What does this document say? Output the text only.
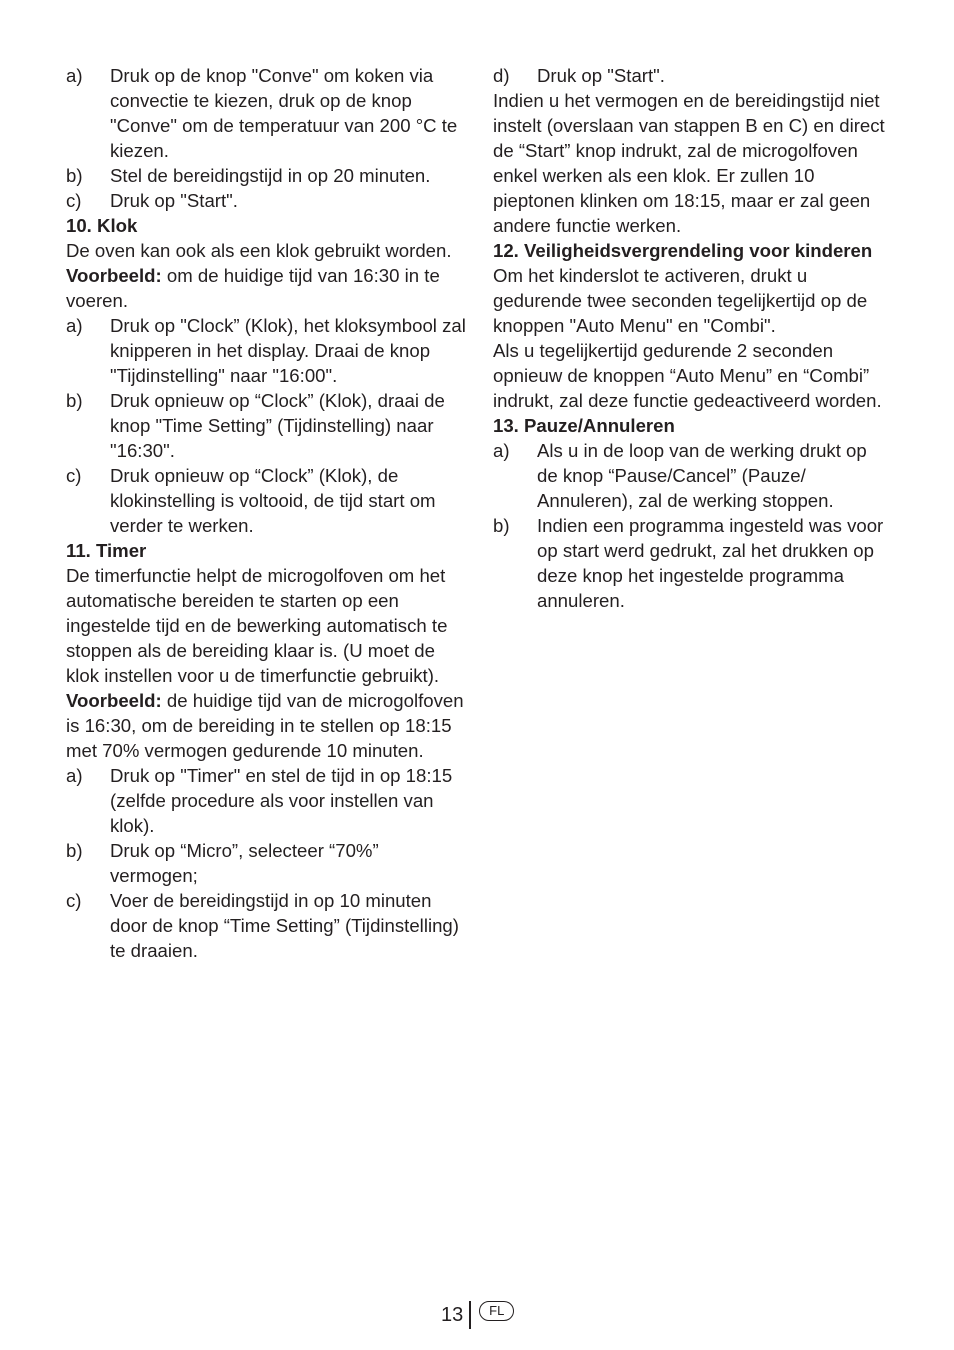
a)	Druk op de knop "Conve" om koken via convectie te kiezen, druk op de knop "Conve" om de temperatuur van 200 °C te kiezen.
b)	Stel de bereidingstijd in op 20 minuten.
c)	Druk op "Start".

10. Klok

De oven kan ook als een klok gebruikt worden.

Voorbeeld: om de huidige tijd van 16:30 in te voeren.

a)	Druk op "Clock” (Klok), het kloksymbool zal knipperen in het display. Draai de knop "Tijdinstelling" naar "16:00".
b)	Druk opnieuw op “Clock” (Klok), draai de knop "Time Setting” (Tijdinstelling) naar "16:30".
c)	Druk opnieuw op “Clock” (Klok), de klokinstelling is voltooid, de tijd start om verder te werken.

11. Timer

De timerfunctie helpt de microgolfoven om het automatische bereiden te starten op een ingestelde tijd en de bewerking automatisch te stoppen als de bereiding klaar is. (U moet de klok instellen voor u de timerfunctie gebruikt).

Voorbeeld: de huidige tijd van de microgolfoven is 16:30, om de bereiding in te stellen op 18:15 met 70% vermogen gedurende 10 minuten.

a)	Druk op "Timer" en stel de tijd in op 18:15 (zelfde procedure als voor instellen van klok).
b)	Druk op “Micro”, selecteer “70%” vermogen;
c)	Voer de bereidingstijd in op 10 minuten door de knop “Time Setting” (Tijdinstelling) te draaien.
d)	Druk op "Start".

Indien u het vermogen en de bereidingstijd niet instelt (overslaan van stappen B en C) en direct de “Start” knop indrukt, zal de microgolfoven enkel werken als een klok. Er zullen 10 pieptonen klinken om 18:15, maar er zal geen andere functie werken.

12. Veiligheidsvergrendeling voor kinderen

Om het kinderslot te activeren, drukt u gedurende twee seconden tegelijkertijd op de knoppen "Auto Menu" en "Combi".

Als u tegelijkertijd gedurende 2 seconden opnieuw de knoppen “Auto Menu” en “Combi” indrukt, zal deze functie gedeactiveerd worden.

13. Pauze/Annuleren

a)	Als u in de loop van de werking drukt op de knop “Pause/Cancel” (Pauze/ Annuleren), zal de werking stoppen.
b)	Indien een programma ingesteld was voor op start werd gedrukt, zal het drukken op deze knop het ingestelde programma annuleren.
13	FL
